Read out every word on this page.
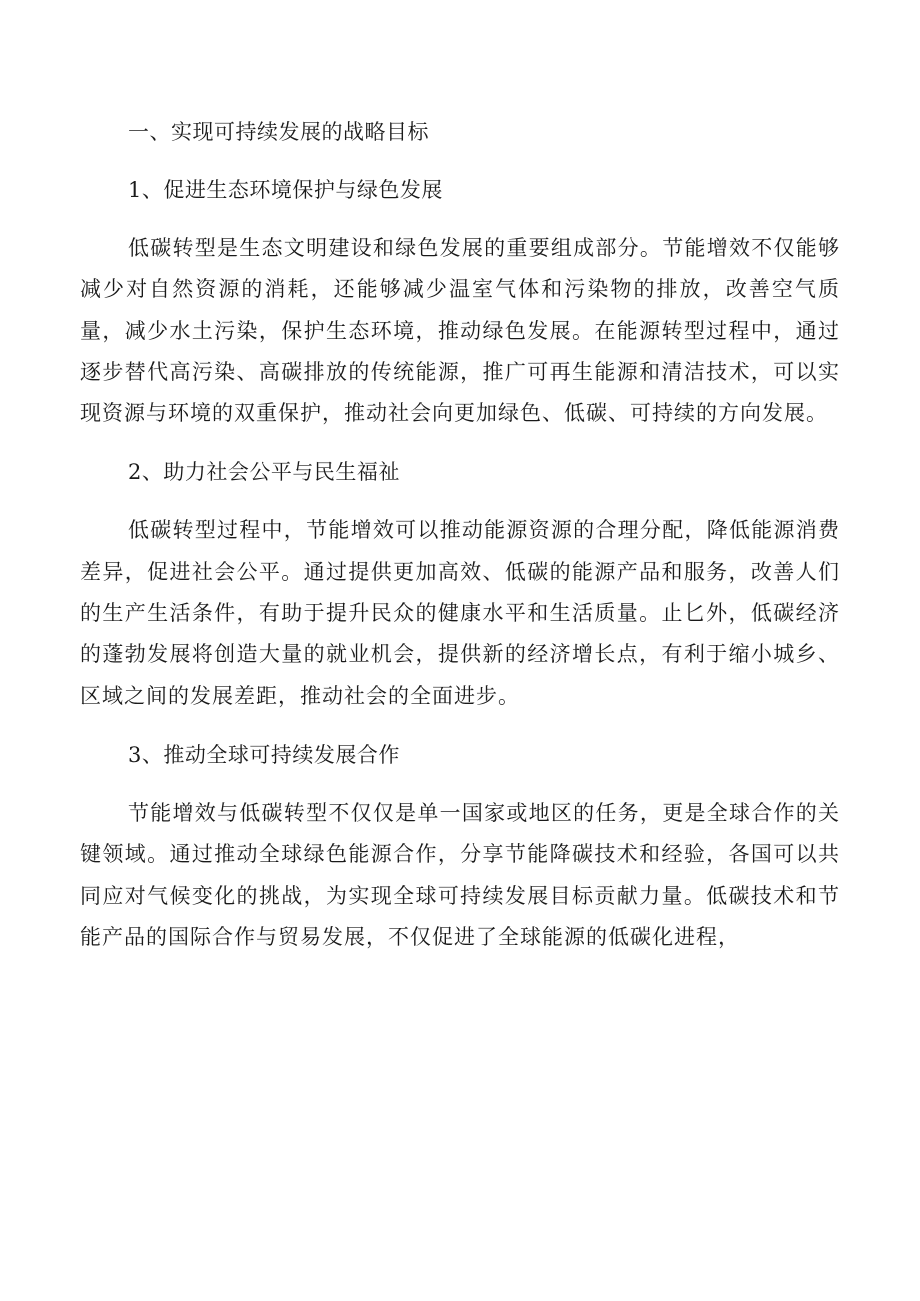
一、实现可持续发展的战略目标
1、促进生态环境保护与绿色发展

低碳转型是生态文明建设和绿色发展的重要组成部分。节能增效不仅能够减少对自然资源的消耗，还能够减少温室气体和污染物的排放，改善空气质量，减少水土污染，保护生态环境，推动绿色发展。在能源转型过程中，通过逐步替代高污染、高碳排放的传统能源，推广可再生能源和清洁技术，可以实现资源与环境的双重保护，推动社会向更加绿色、低碳、可持续的方向发展。

2、助力社会公平与民生福祉

低碳转型过程中，节能增效可以推动能源资源的合理分配，降低能源消费差异，促进社会公平。通过提供更加高效、低碳的能源产品和服务，改善人们的生产生活条件，有助于提升民众的健康水平和生活质量。止匕外，低碳经济的蓬勃发展将创造大量的就业机会，提供新的经济增长点，有利于缩小城乡、区域之间的发展差距，推动社会的全面进步。

3、推动全球可持续发展合作

节能增效与低碳转型不仅仅是单一国家或地区的任务，更是全球合作的关键领域。通过推动全球绿色能源合作，分享节能降碳技术和经验，各国可以共同应对气候变化的挑战，为实现全球可持续发展目标贡献力量。低碳技术和节能产品的国际合作与贸易发展，不仅促进了全球能源的低碳化进程，
